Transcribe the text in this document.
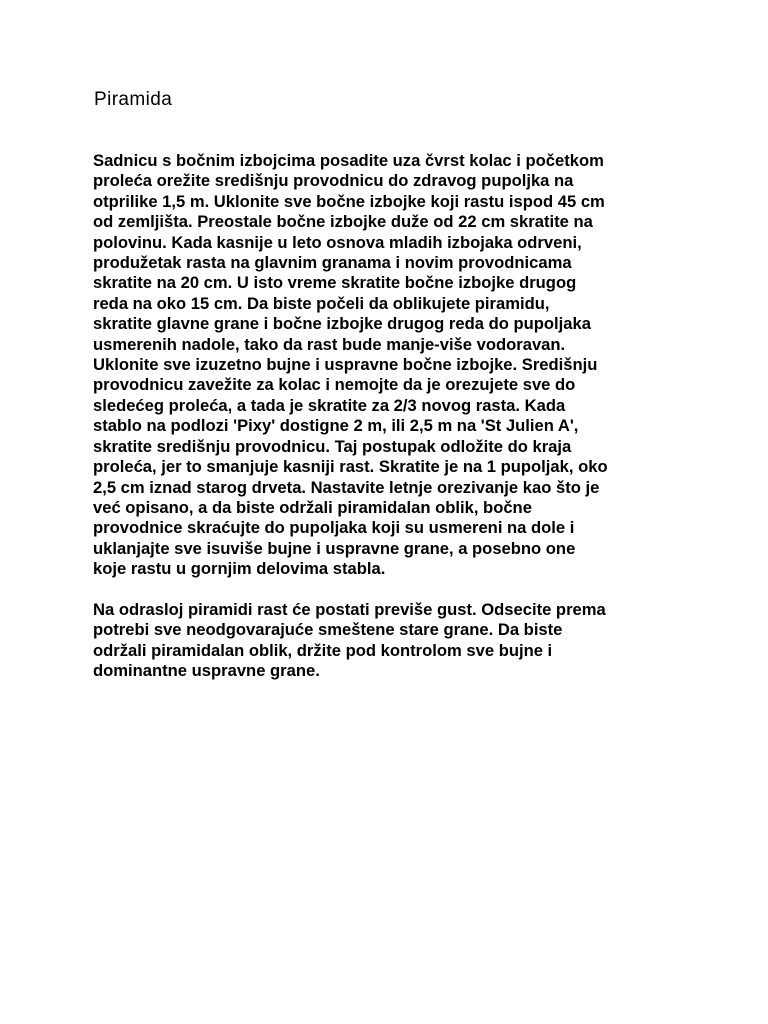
Piramida
Sadnicu s bočnim izbojcima posadite uza čvrst kolac i početkom
proleća orežite središnju provodnicu do zdravog pupoljka na
otprilike 1,5 m. Uklonite sve bočne izbojke koji rastu ispod 45 cm
od zemljišta. Preostale bočne izbojke duže od 22 cm skratite na
polovinu. Kada kasnije u leto osnova mladih izbojaka odrveni,
produžetak rasta na glavnim granama i novim provodnicama
skratite na 20 cm. U isto vreme skratite bočne izbojke drugog
reda na oko 15 cm. Da biste počeli da oblikujete piramidu,
skratite glavne grane i bočne izbojke drugog reda do pupoljaka
usmerenih nadole, tako da rast bude manje-više vodoravan.
Uklonite sve izuzetno bujne i uspravne bočne izbojke. Središnju
provodnicu zavežite za kolac i nemojte da je orezujete sve do
sledećeg proleća, a tada je skratite za 2/3 novog rasta. Kada
stablo na podlozi 'Pixy' dostigne 2 m, ili 2,5 m na 'St Julien A',
skratite središnju provodnicu. Taj postupak odložite do kraja
proleća, jer to smanjuje kasniji rast. Skratite je na 1 pupoljak, oko
2,5 cm iznad starog drveta. Nastavite letnje orezivanje kao što je
već opisano, a da biste održali piramidalan oblik, bočne
provodnice skraćujte do pupoljaka koji su usmereni na dole i
uklanjajte sve isuviše bujne i uspravne grane, a posebno one
koje rastu u gornjim delovima stabla.
Na odrasloj piramidi rast će postati previše gust. Odsecite prema
potrebi sve neodgovarajuće smeštene stare grane. Da biste
održali piramidalan oblik, držite pod kontrolom sve bujne i
dominantne uspravne grane.
